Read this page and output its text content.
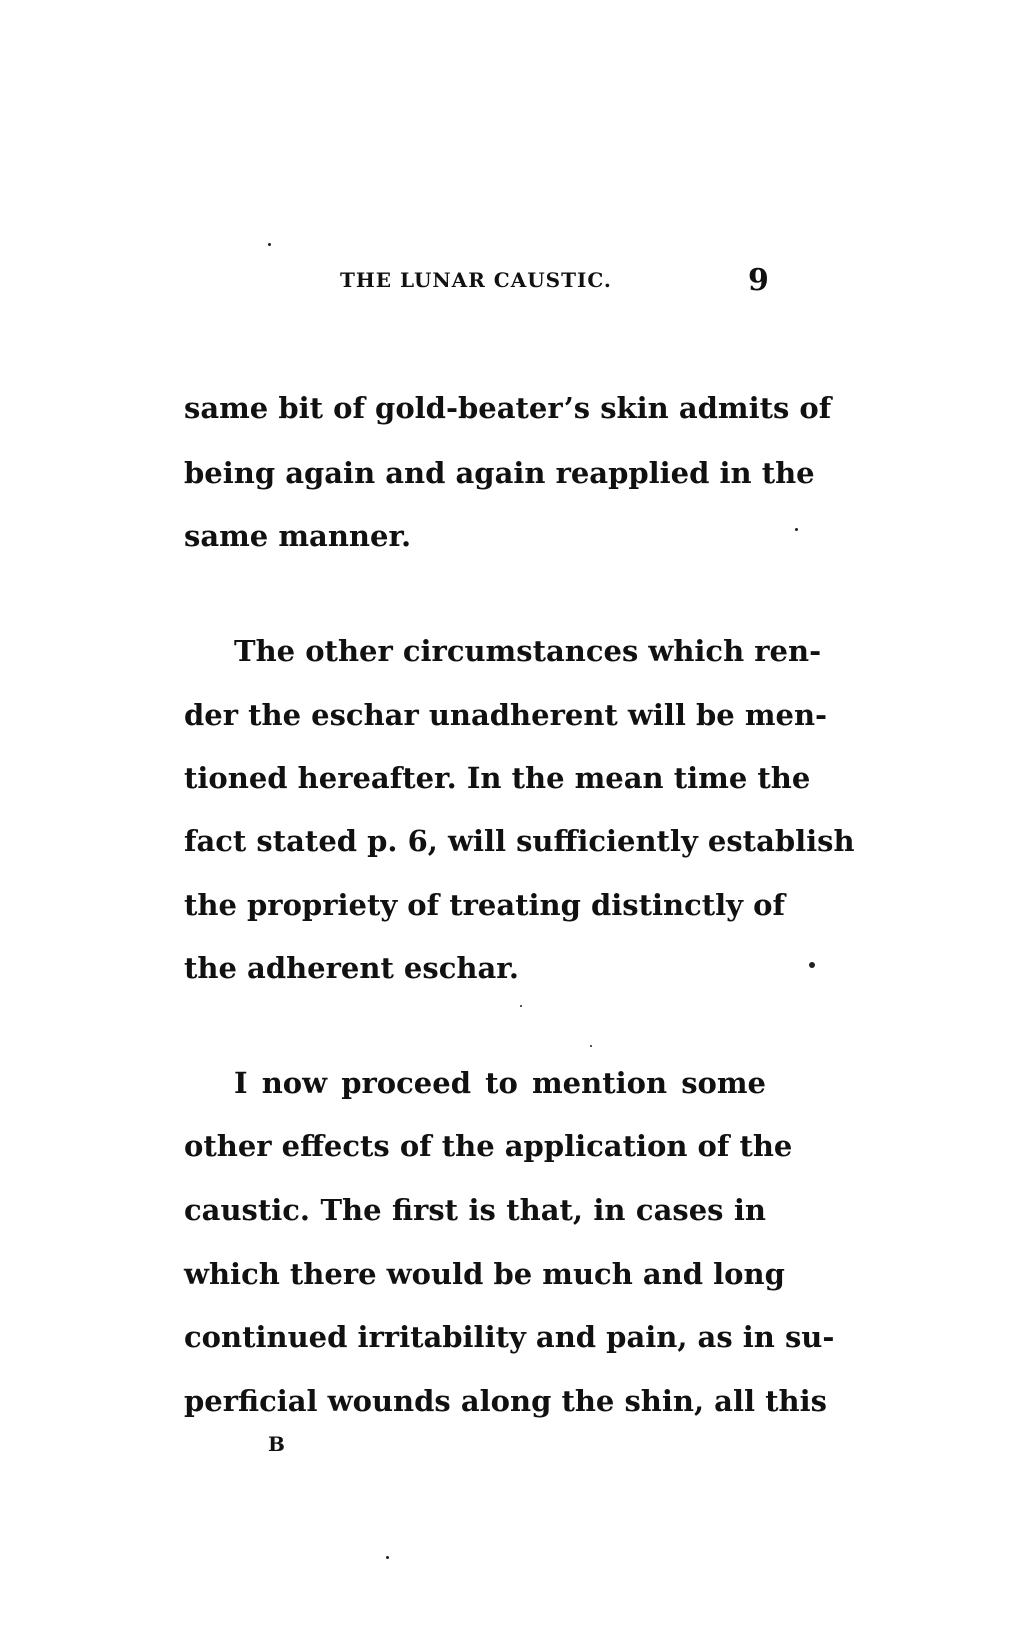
THE LUNAR CAUSTIC.	9
same bit of gold-beater’s skin admits of
being again and again reapplied in the
same manner.
The other circumstances which ren-
der the eschar unadherent will be men-
tioned hereafter. In the mean time the
fact stated p. 6, will sufficiently establish
the propriety of treating distinctly of
the adherent eschar.
I now proceed to mention some
other effects of the application of the
caustic. The first is that, in cases in
which there would be much and long
continued irritability and pain, as in su-
perficial wounds along the shin, all this
B
